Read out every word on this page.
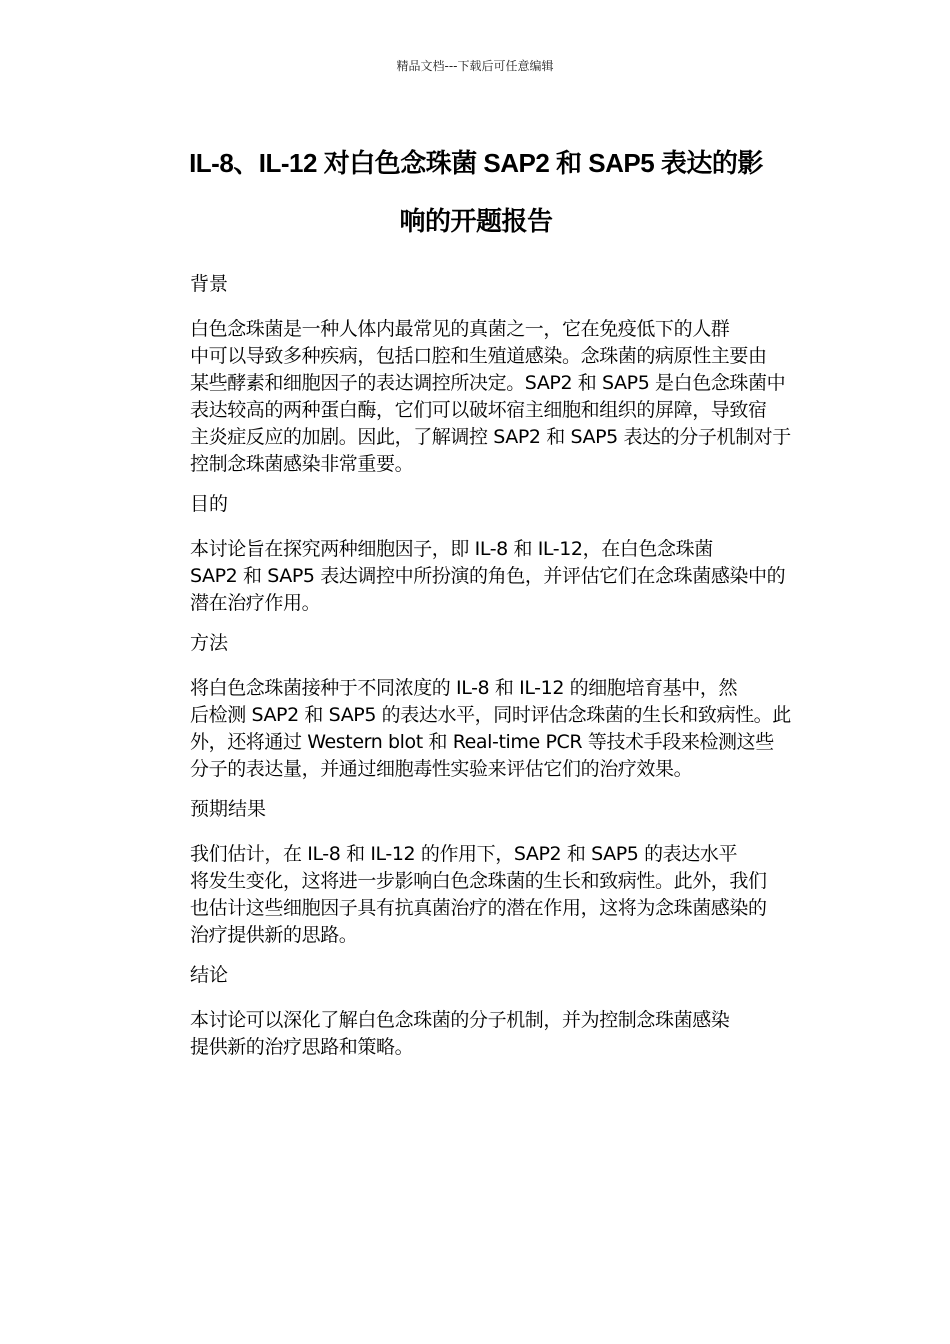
精品文档---下载后可任意编辑
IL-8、IL-12 对白色念珠菌 SAP2 和 SAP5 表达的影
响的开题报告
背景
白色念珠菌是一种人体内最常见的真菌之一，它在免疫低下的人群
中可以导致多种疾病，包括口腔和生殖道感染。念珠菌的病原性主要由
某些酵素和细胞因子的表达调控所决定。SAP2 和 SAP5 是白色念珠菌中
表达较高的两种蛋白酶，它们可以破坏宿主细胞和组织的屏障，导致宿
主炎症反应的加剧。因此，了解调控 SAP2 和 SAP5 表达的分子机制对于
控制念珠菌感染非常重要。
目的
本讨论旨在探究两种细胞因子，即 IL-8 和 IL-12，在白色念珠菌
SAP2 和 SAP5 表达调控中所扮演的角色，并评估它们在念珠菌感染中的
潜在治疗作用。
方法
将白色念珠菌接种于不同浓度的 IL-8 和 IL-12 的细胞培育基中，然
后检测 SAP2 和 SAP5 的表达水平，同时评估念珠菌的生长和致病性。此
外，还将通过 Western blot 和 Real-time PCR 等技术手段来检测这些
分子的表达量，并通过细胞毒性实验来评估它们的治疗效果。
预期结果
我们估计，在 IL-8 和 IL-12 的作用下，SAP2 和 SAP5 的表达水平
将发生变化，这将进一步影响白色念珠菌的生长和致病性。此外，我们
也估计这些细胞因子具有抗真菌治疗的潜在作用，这将为念珠菌感染的
治疗提供新的思路。
结论
本讨论可以深化了解白色念珠菌的分子机制，并为控制念珠菌感染
提供新的治疗思路和策略。
